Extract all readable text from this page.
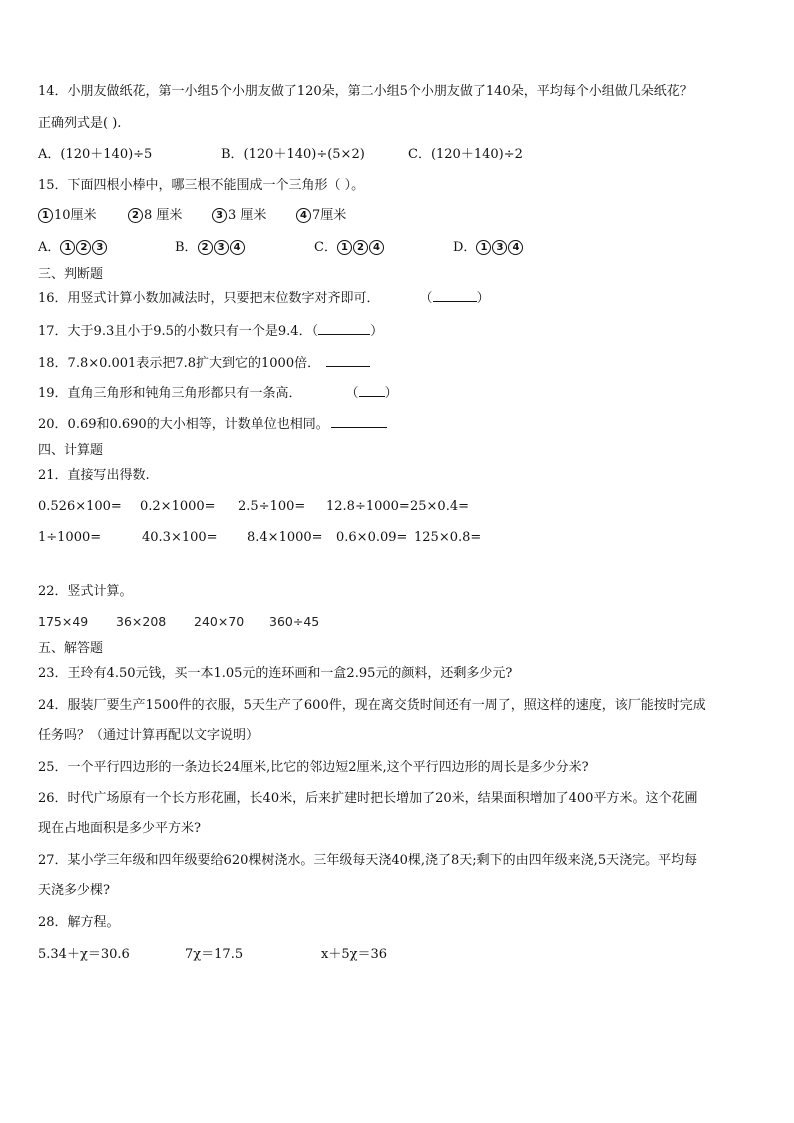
14．小朋友做纸花，第一小组5个小朋友做了120朵，第二小组5个小朋友做了140朵，平均每个小组做几朵纸花？
正确列式是( ).
A．(120＋140)÷5	B．(120＋140)÷(5×2)	C．(120＋140)÷2
15．下面四根小棒中，哪三根不能围成一个三角形（ ）。
1 10厘米	2 8 厘米	3 3 厘米	4 7厘米
A． 1 2 3	B． 2 3 4	C． 1 2 4	D． 1 3 4
三、判断题
16．用竖式计算小数加减法时，只要把末位数字对齐即可．	（	）
17．大于9.3且小于9.5的小数只有一个是9.4．（	）
18．7.8×0.001表示把7.8扩大到它的1000倍．
19．直角三角形和钝角三角形都只有一条高．	（ ）
20．0.69和0.690的大小相等，计数单位也相同。
四、计算题
21．直接写出得数.
0.526×100= 0.2×1000= 2.5÷100= 12.8÷1000= 25×0.4=
1÷1000=	40.3×100= 8.4×1000= 0.6×0.09= 125×0.8=
22．竖式计算。
175×49 36×208 240×70 360÷45
五、解答题
23．王玲有4.50元钱，买一本1.05元的连环画和一盒2.95元的颜料，还剩多少元?
24．服装厂要生产1500件的衣服，5天生产了600件，现在离交货时间还有一周了，照这样的速度，该厂能按时完成
任务吗？（通过计算再配以文字说明）
25．一个平行四边形的一条边长24厘米,比它的邻边短2厘米,这个平行四边形的周长是多少分米?
26．时代广场原有一个长方形花圃，长40米，后来扩建时把长增加了20米，结果面积增加了400平方米。这个花圃
现在占地面积是多少平方米?
27．某小学三年级和四年级要给620棵树浇水。三年级每天浇40棵,浇了8天;剩下的由四年级来浇,5天浇完。平均每
天浇多少棵?
28．解方程。
5.34＋χ＝30.6	7χ＝17.5	x＋5χ＝36
